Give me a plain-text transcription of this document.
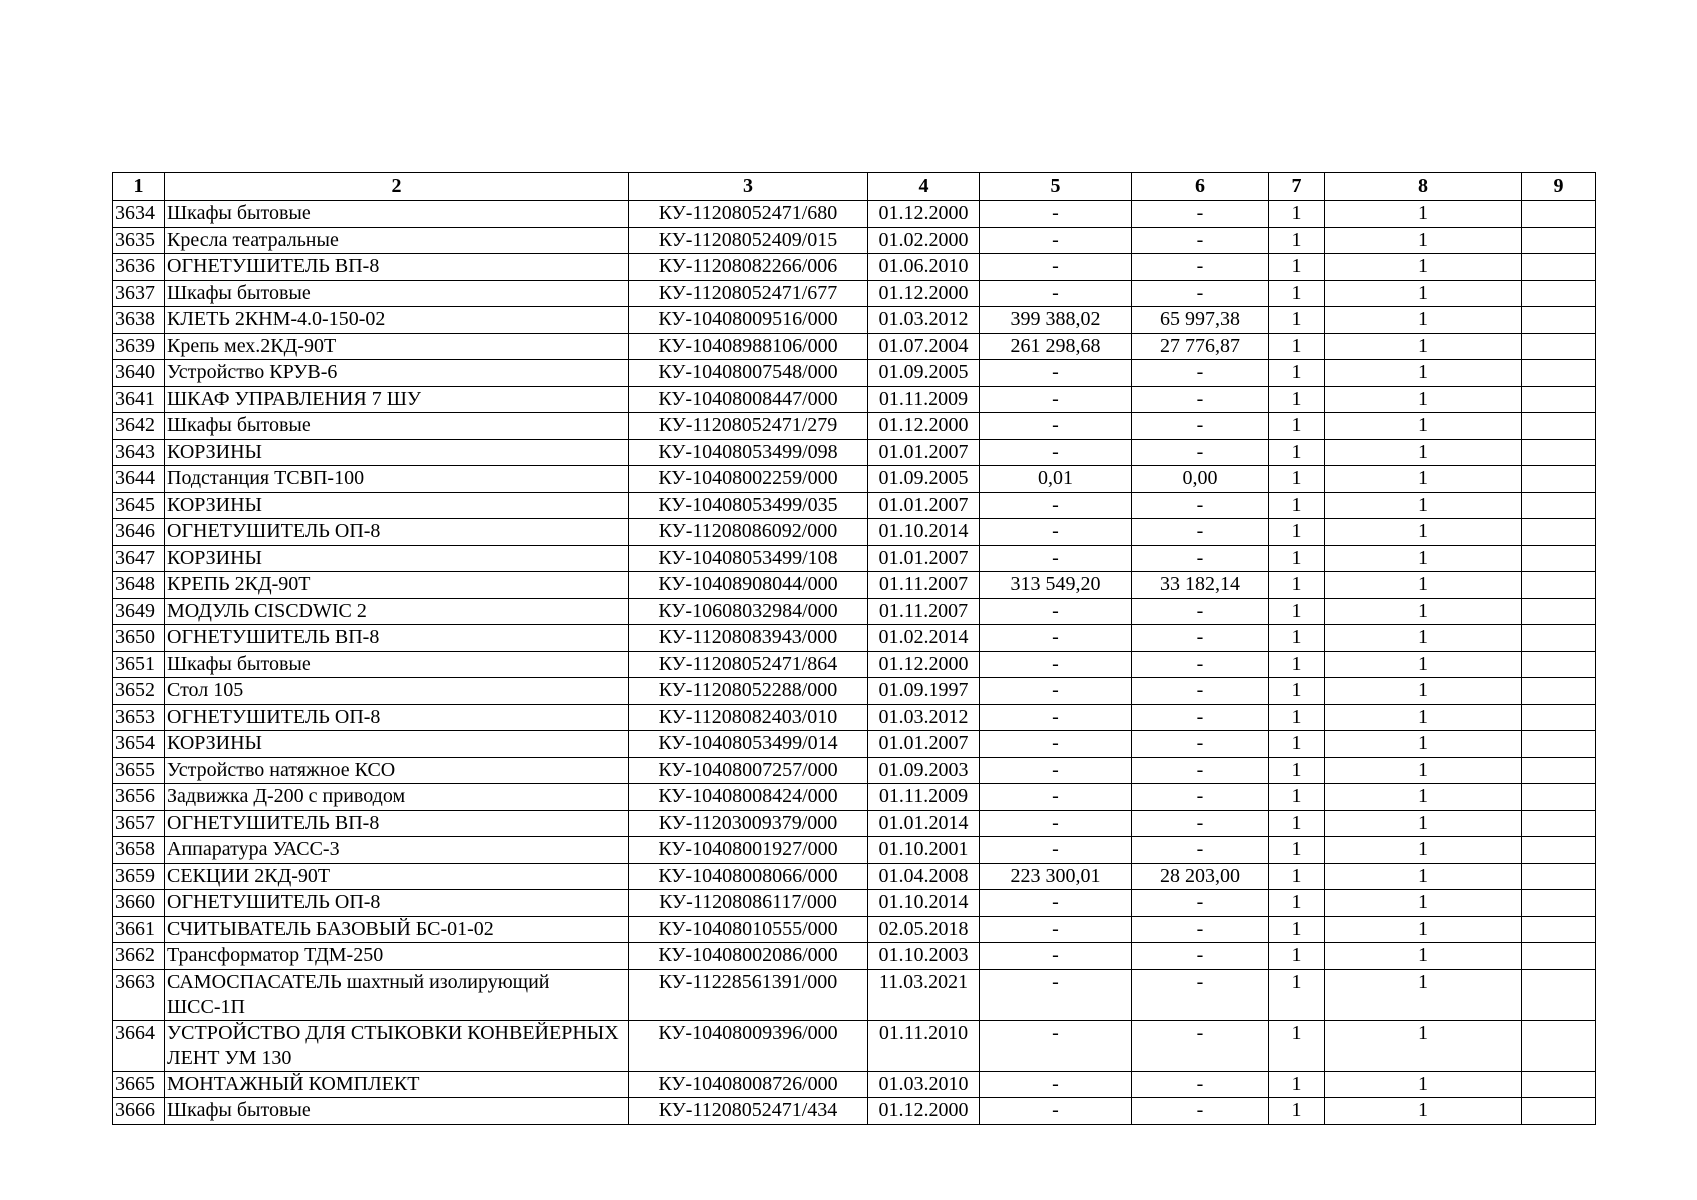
1	2	3	4	5	6	7	8	9
3634	Шкафы бытовые	КУ-11208052471/680	01.12.2000	-	-	1	1	
3635	Кресла театральные	КУ-11208052409/015	01.02.2000	-	-	1	1	
3636	ОГНЕТУШИТЕЛЬ ВП-8	КУ-11208082266/006	01.06.2010	-	-	1	1	
3637	Шкафы бытовые	КУ-11208052471/677	01.12.2000	-	-	1	1	
3638	КЛЕТЬ 2КНМ-4.0-150-02	КУ-10408009516/000	01.03.2012	399 388,02	65 997,38	1	1	
3639	Крепь мех.2КД-90Т	КУ-10408988106/000	01.07.2004	261 298,68	27 776,87	1	1	
3640	Устройство КРУВ-6	КУ-10408007548/000	01.09.2005	-	-	1	1	
3641	ШКАФ УПРАВЛЕНИЯ 7 ШУ	КУ-10408008447/000	01.11.2009	-	-	1	1	
3642	Шкафы бытовые	КУ-11208052471/279	01.12.2000	-	-	1	1	
3643	КОРЗИНЫ	КУ-10408053499/098	01.01.2007	-	-	1	1	
3644	Подстанция ТСВП-100	КУ-10408002259/000	01.09.2005	0,01	0,00	1	1	
3645	КОРЗИНЫ	КУ-10408053499/035	01.01.2007	-	-	1	1	
3646	ОГНЕТУШИТЕЛЬ ОП-8	КУ-11208086092/000	01.10.2014	-	-	1	1	
3647	КОРЗИНЫ	КУ-10408053499/108	01.01.2007	-	-	1	1	
3648	КРЕПЬ 2КД-90Т	КУ-10408908044/000	01.11.2007	313 549,20	33 182,14	1	1	
3649	МОДУЛЬ CISCDWIC 2	КУ-10608032984/000	01.11.2007	-	-	1	1	
3650	ОГНЕТУШИТЕЛЬ ВП-8	КУ-11208083943/000	01.02.2014	-	-	1	1	
3651	Шкафы бытовые	КУ-11208052471/864	01.12.2000	-	-	1	1	
3652	Стол 105	КУ-11208052288/000	01.09.1997	-	-	1	1	
3653	ОГНЕТУШИТЕЛЬ ОП-8	КУ-11208082403/010	01.03.2012	-	-	1	1	
3654	КОРЗИНЫ	КУ-10408053499/014	01.01.2007	-	-	1	1	
3655	Устройство натяжное КСО	КУ-10408007257/000	01.09.2003	-	-	1	1	
3656	Задвижка Д-200 с приводом	КУ-10408008424/000	01.11.2009	-	-	1	1	
3657	ОГНЕТУШИТЕЛЬ ВП-8	КУ-11203009379/000	01.01.2014	-	-	1	1	
3658	Аппаратура УАСС-3	КУ-10408001927/000	01.10.2001	-	-	1	1	
3659	СЕКЦИИ 2КД-90Т	КУ-10408008066/000	01.04.2008	223 300,01	28 203,00	1	1	
3660	ОГНЕТУШИТЕЛЬ ОП-8	КУ-11208086117/000	01.10.2014	-	-	1	1	
3661	СЧИТЫВАТЕЛЬ БАЗОВЫЙ БС-01-02	КУ-10408010555/000	02.05.2018	-	-	1	1	
3662	Трансформатор ТДМ-250	КУ-10408002086/000	01.10.2003	-	-	1	1	
3663	САМОСПАСАТЕЛЬ шахтный изолирующий ШСС-1П	КУ-11228561391/000	11.03.2021	-	-	1	1	
3664	УСТРОЙСТВО ДЛЯ СТЫКОВКИ КОНВЕЙЕРНЫХ ЛЕНТ УМ 130	КУ-10408009396/000	01.11.2010	-	-	1	1	
3665	МОНТАЖНЫЙ КОМПЛЕКТ	КУ-10408008726/000	01.03.2010	-	-	1	1	
3666	Шкафы бытовые	КУ-11208052471/434	01.12.2000	-	-	1	1	
